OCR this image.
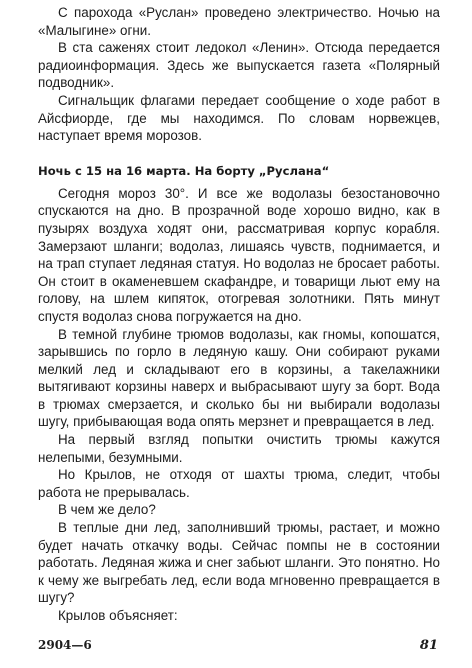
С парохода «Руслан» проведено электричество. Ночью на «Малыгине» огни.

В ста саженях стоит ледокол «Ленин». Отсюда передается радиоинформация. Здесь же выпускается газета «Полярный подводник».

Сигнальщик флагами передает сообщение о ходе работ в Айсфиорде, где мы находимся. По словам норвежцев, наступает время морозов.

Ночь с 15 на 16 марта. На борту „Руслана“

Сегодня мороз 30°. И все же водолазы безостановочно спускаются на дно. В прозрачной воде хорошо видно, как в пузырях воздуха ходят они, рассматривая корпус корабля. Замерзают шланги; водолаз, лишаясь чувств, поднимается, и на трап ступает ледяная статуя. Но водолаз не бросает работы. Он стоит в окаменевшем скафандре, и товарищи льют ему на голову, на шлем кипяток, отогревая золотники. Пять минут спустя водолаз снова погружается на дно.

В темной глубине трюмов водолазы, как гномы, копошатся, зарывшись по горло в ледяную кашу. Они собирают руками мелкий лед и складывают его в корзины, а такелажники вытягивают корзины наверх и выбрасывают шугу за борт. Вода в трюмах смерзается, и сколько бы ни выбирали водолазы шугу, прибывающая вода опять мерзнет и превращается в лед.

На первый взгляд попытки очистить трюмы кажутся нелепыми, безумными.

Но Крылов, не отходя от шахты трюма, следит, чтобы работа не прерывалась.

В чем же дело?

В теплые дни лед, заполнивший трюмы, растает, и можно будет начать откачку воды. Сейчас помпы не в состоянии работать. Ледяная жижа и снег забьют шланги. Это понятно. Но к чему же выгребать лед, если вода мгновенно превращается в шугу?

Крылов объясняет:

2904—6	81
